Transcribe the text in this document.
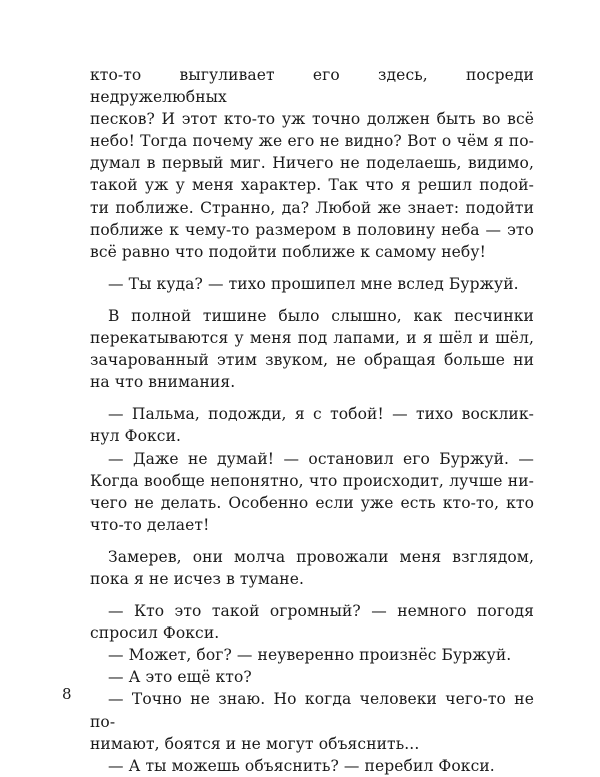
кто-то выгуливает его здесь, посреди недружелюбных
песков? И этот кто-то уж точно должен быть во всё
небо! Тогда почему же его не видно? Вот о чём я по-
думал в первый миг. Ничего не поделаешь, видимо,
такой уж у меня характер. Так что я решил подой-
ти поближе. Странно, да? Любой же знает: подойти
поближе к чему-то размером в половину неба — это
всё равно что подойти поближе к самому небу!

— Ты куда? — тихо прошипел мне вслед Буржуй.

В полной тишине было слышно, как песчинки
перекатываются у меня под лапами, и я шёл и шёл,
зачарованный этим звуком, не обращая больше ни
на что внимания.

— Пальма, подожди, я с тобой! — тихо восклик-
нул Фокси.
— Даже не думай! — остановил его Буржуй. —
Когда вообще непонятно, что происходит, лучше ни-
чего не делать. Особенно если уже есть кто-то, кто
что-то делает!

Замерев, они молча провожали меня взглядом,
пока я не исчез в тумане.

— Кто это такой огромный? — немного погодя
спросил Фокси.
— Может, бог? — неуверенно произнёс Буржуй.
— А это ещё кто?
— Точно не знаю. Но когда человеки чего-то не по-
нимают, боятся и не могут объяснить...
— А ты можешь объяснить? — перебил Фокси.

8
